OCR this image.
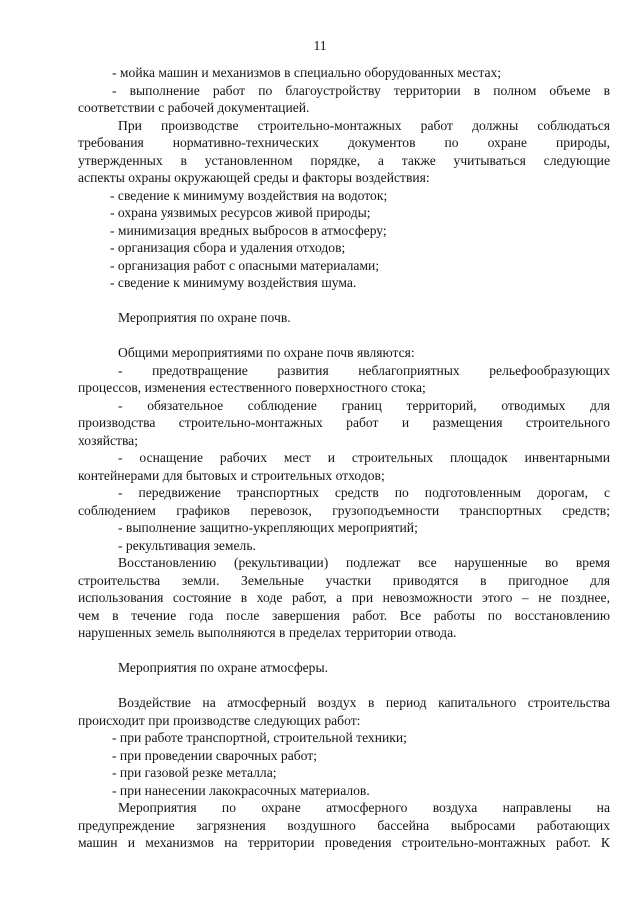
11
- мойка машин и механизмов в специально оборудованных местах;
- выполнение работ по благоустройству территории в полном объеме в
соответствии с рабочей документацией.
При производстве строительно-монтажных работ должны соблюдаться
требования нормативно-технических документов по охране природы,
утвержденных в установленном порядке, а также учитываться следующие
аспекты охраны окружающей среды и факторы воздействия:
- сведение к минимуму воздействия на водоток;
- охрана уязвимых ресурсов живой природы;
- минимизация вредных выбросов в атмосферу;
- организация сбора и удаления отходов;
- организация работ с опасными материалами;
- сведение к минимуму воздействия шума.
Мероприятия по охране почв.
Общими мероприятиями по охране почв являются:
- предотвращение развития неблагоприятных рельефообразующих
процессов, изменения естественного поверхностного стока;
- обязательное соблюдение границ территорий, отводимых для
производства строительно-монтажных работ и размещения строительного
хозяйства;
- оснащение рабочих мест и строительных площадок инвентарными
контейнерами для бытовых и строительных отходов;
- передвижение транспортных средств по подготовленным дорогам, с
соблюдением графиков перевозок, грузоподъемности транспортных средств;
- выполнение защитно-укрепляющих мероприятий;
- рекультивация земель.
Восстановлению (рекультивации) подлежат все нарушенные во время
строительства земли. Земельные участки приводятся в пригодное для
использования состояние в ходе работ, а при невозможности этого – не позднее,
чем в течение года после завершения работ. Все работы по восстановлению
нарушенных земель выполняются в пределах территории отвода.
Мероприятия по охране атмосферы.
Воздействие на атмосферный воздух в период капитального строительства
происходит при производстве следующих работ:
- при работе транспортной, строительной техники;
- при проведении сварочных работ;
- при газовой резке металла;
- при нанесении лакокрасочных материалов.
Мероприятия по охране атмосферного воздуха направлены на
предупреждение загрязнения воздушного бассейна выбросами работающих
машин и механизмов на территории проведения строительно-монтажных работ. К
